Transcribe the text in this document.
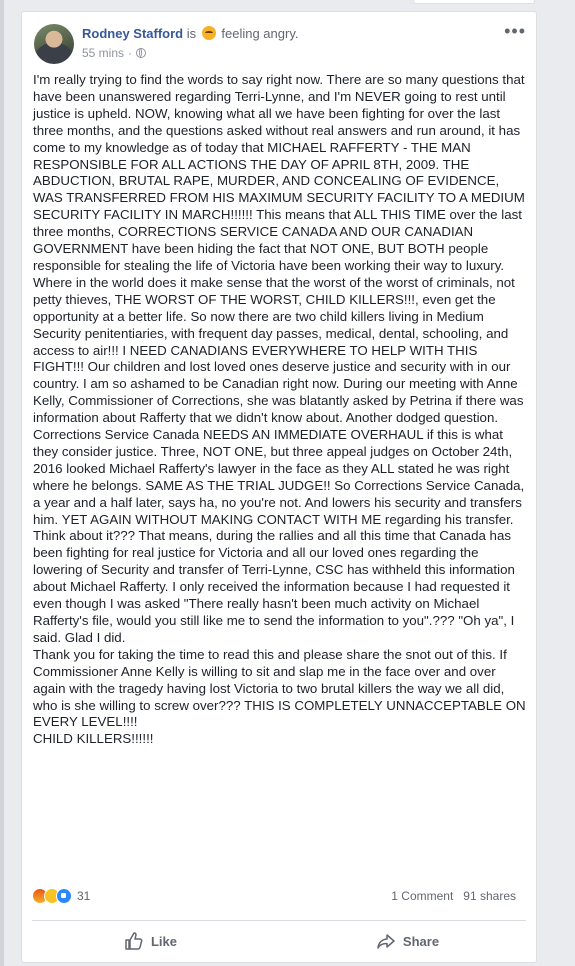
Rodney Stafford is feeling angry.
55 mins ·
•••

I'm really trying to find the words to say right now. There are so many questions that have been unanswered regarding Terri-Lynne, and I'm NEVER going to rest until justice is upheld. NOW, knowing what all we have been fighting for over the last three months, and the questions asked without real answers and run around, it has come to my knowledge as of today that MICHAEL RAFFERTY - THE MAN RESPONSIBLE FOR ALL ACTIONS THE DAY OF APRIL 8TH, 2009. THE ABDUCTION, BRUTAL RAPE, MURDER, AND CONCEALING OF EVIDENCE, WAS TRANSFERRED FROM HIS MAXIMUM SECURITY FACILITY TO A MEDIUM SECURITY FACILITY IN MARCH!!!!!! This means that ALL THIS TIME over the last three months, CORRECTIONS SERVICE CANADA AND OUR CANADIAN GOVERNMENT have been hiding the fact that NOT ONE, BUT BOTH people responsible for stealing the life of Victoria have been working their way to luxury. Where in the world does it make sense that the worst of the worst of criminals, not petty thieves, THE WORST OF THE WORST, CHILD KILLERS!!!, even get the opportunity at a better life. So now there are two child killers living in Medium Security penitentiaries, with frequent day passes, medical, dental, schooling, and access to air!!! I NEED CANADIANS EVERYWHERE TO HELP WITH THIS FIGHT!!! Our children and lost loved ones deserve justice and security with in our country. I am so ashamed to be Canadian right now. During our meeting with Anne Kelly, Commissioner of Corrections, she was blatantly asked by Petrina if there was information about Rafferty that we didn't know about. Another dodged question. Corrections Service Canada NEEDS AN IMMEDIATE OVERHAUL if this is what they consider justice. Three, NOT ONE, but three appeal judges on October 24th, 2016 looked Michael Rafferty's lawyer in the face as they ALL stated he was right where he belongs. SAME AS THE TRIAL JUDGE!! So Corrections Service Canada, a year and a half later, says ha, no you're not. And lowers his security and transfers him. YET AGAIN WITHOUT MAKING CONTACT WITH ME regarding his transfer. Think about it??? That means, during the rallies and all this time that Canada has been fighting for real justice for Victoria and all our loved ones regarding the lowering of Security and transfer of Terri-Lynne, CSC has withheld this information about Michael Rafferty. I only received the information because I had requested it even though I was asked "There really hasn't been much activity on Michael Rafferty's file, would you still like me to send the information to you".??? "Oh ya", I said. Glad I did.

Thank you for taking the time to read this and please share the snot out of this. If Commissioner Anne Kelly is willing to sit and slap me in the face over and over again with the tragedy having lost Victoria to two brutal killers the way we all did, who is she willing to screw over??? THIS IS COMPLETELY UNNACCEPTABLE ON EVERY LEVEL!!!!

CHILD KILLERS!!!!!!

31	1 Comment 91 shares
Like	Share
